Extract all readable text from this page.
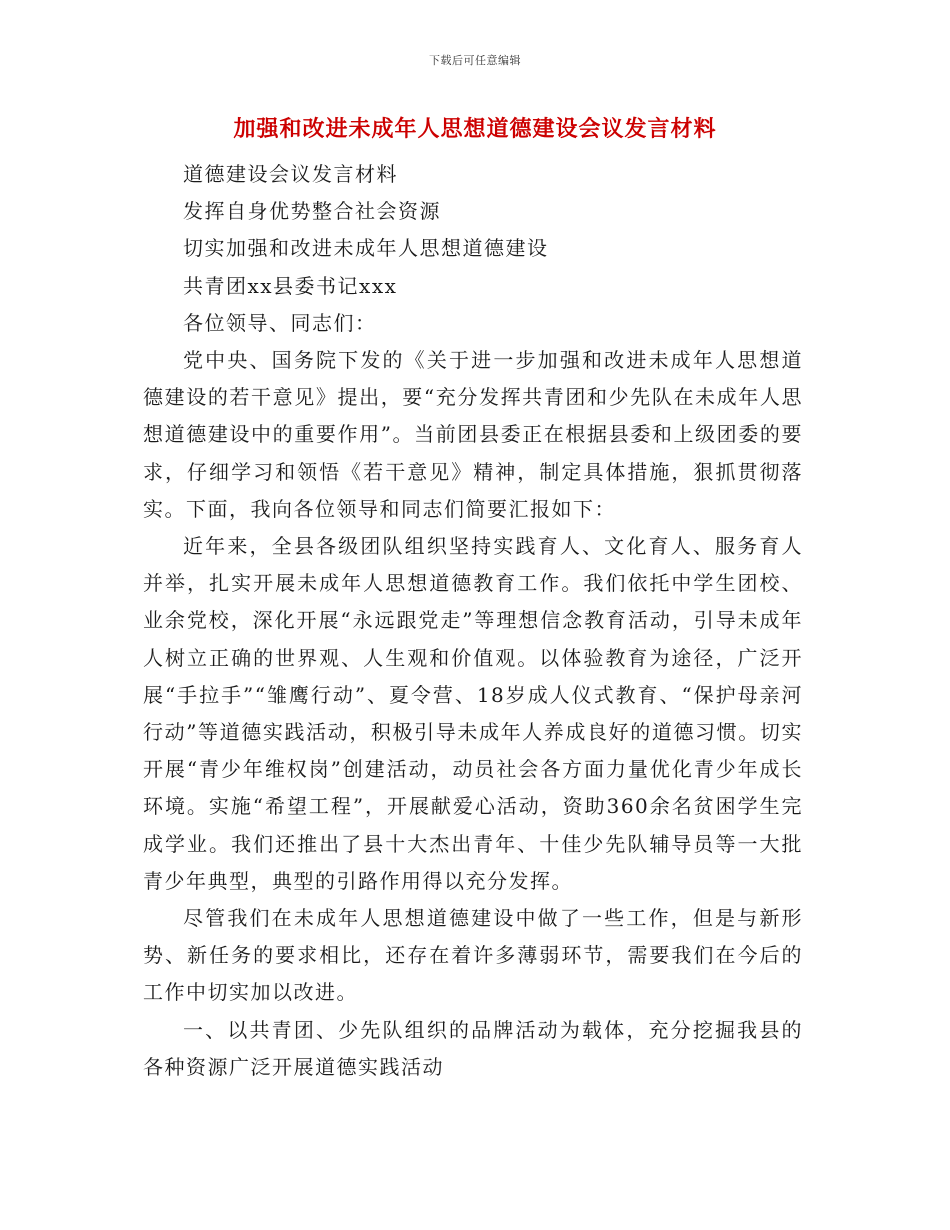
下载后可任意编辑
加强和改进未成年人思想道德建设会议发言材料

道德建设会议发言材料

发挥自身优势整合社会资源

切实加强和改进未成年人思想道德建设

共青团xx县委书记xxx

各位领导、同志们：

党中央、国务院下发的《关于进一步加强和改进未成年人思想道德建设的若干意见》提出，要“充分发挥共青团和少先队在未成年人思想道德建设中的重要作用”。当前团县委正在根据县委和上级团委的要求，仔细学习和领悟《若干意见》精神，制定具体措施，狠抓贯彻落实。下面，我向各位领导和同志们简要汇报如下：

近年来，全县各级团队组织坚持实践育人、文化育人、服务育人并举，扎实开展未成年人思想道德教育工作。我们依托中学生团校、业余党校，深化开展“永远跟党走”等理想信念教育活动，引导未成年人树立正确的世界观、人生观和价值观。以体验教育为途径，广泛开展“手拉手”“雏鹰行动”、夏令营、18岁成人仪式教育、“保护母亲河行动”等道德实践活动，积极引导未成年人养成良好的道德习惯。切实开展“青少年维权岗”创建活动，动员社会各方面力量优化青少年成长环境。实施“希望工程”，开展献爱心活动，资助360余名贫困学生完成学业。我们还推出了县十大杰出青年、十佳少先队辅导员等一大批青少年典型，典型的引路作用得以充分发挥。

尽管我们在未成年人思想道德建设中做了一些工作，但是与新形势、新任务的要求相比，还存在着许多薄弱环节，需要我们在今后的工作中切实加以改进。

一、以共青团、少先队组织的品牌活动为载体，充分挖掘我县的各种资源广泛开展道德实践活动
